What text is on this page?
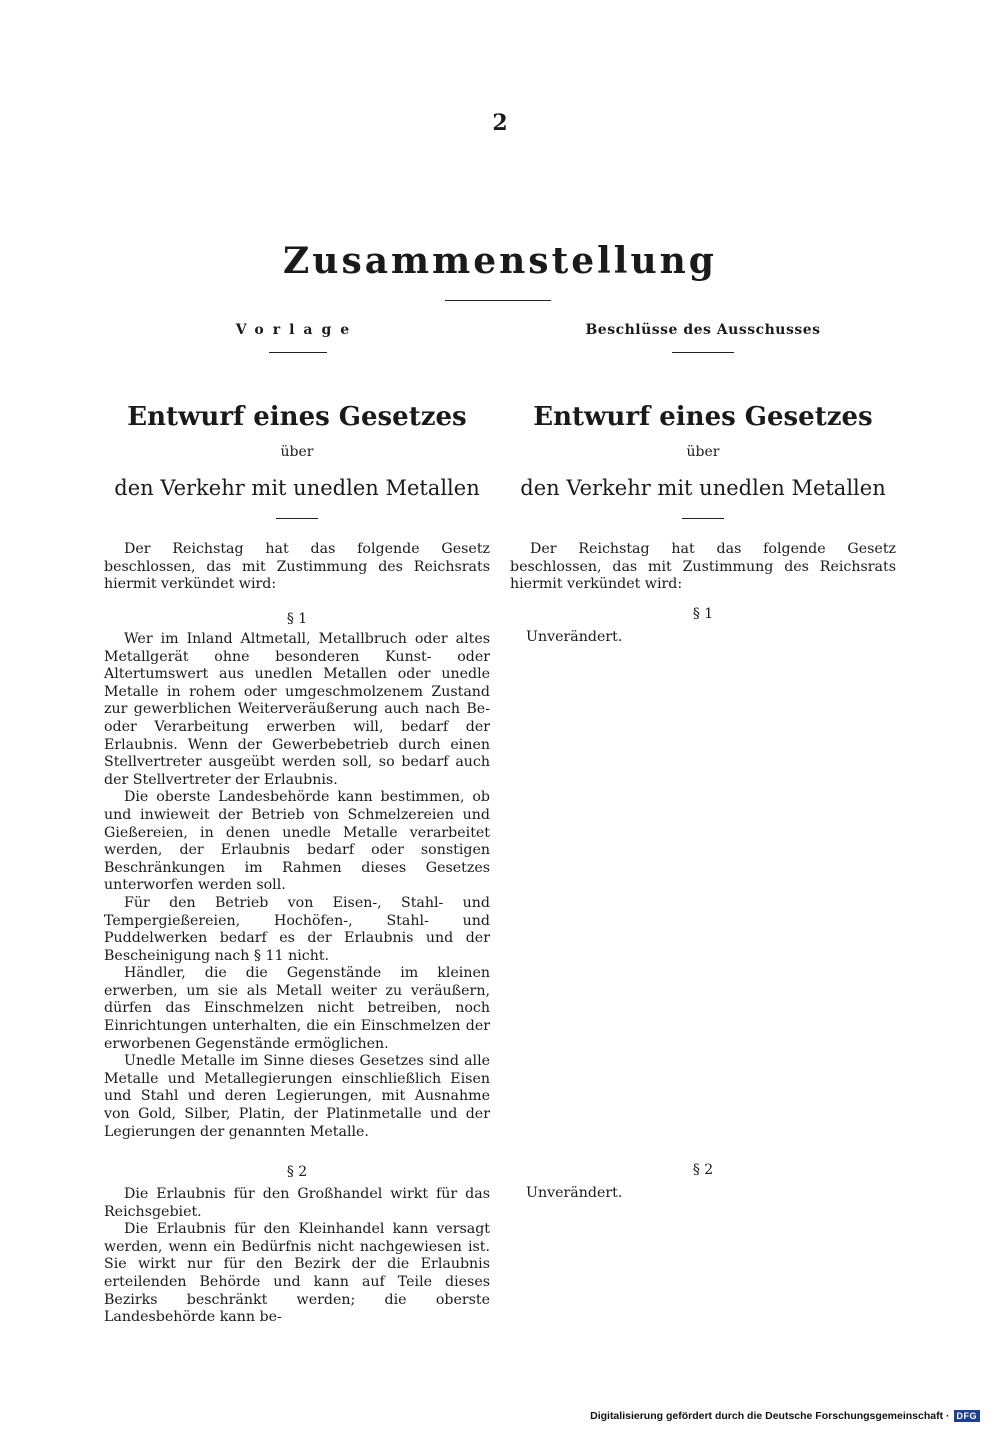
2
Zusammenstellung
Vorlage
Entwurf eines Gesetzes
über
den Verkehr mit unedlen Metallen

Der Reichstag hat das folgende Gesetz beschlossen, das mit Zustimmung des Reichsrats hiermit verkündet wird:

§ 1

Wer im Inland Altmetall, Metallbruch oder altes Metallgerät ohne besonderen Kunst- oder Altertumswert aus unedlen Metallen oder unedle Metalle in rohem oder umgeschmolzenem Zustand zur gewerblichen Weiterveräußerung auch nach Be- oder Verarbeitung erwerben will, bedarf der Erlaubnis. Wenn der Gewerbebetrieb durch einen Stellvertreter ausgeübt werden soll, so bedarf auch der Stellvertreter der Erlaubnis.

Die oberste Landesbehörde kann bestimmen, ob und inwieweit der Betrieb von Schmelzereien und Gießereien, in denen unedle Metalle verarbeitet werden, der Erlaubnis bedarf oder sonstigen Beschränkungen im Rahmen dieses Gesetzes unterworfen werden soll.

Für den Betrieb von Eisen-, Stahl- und Tempergießereien, Hochöfen-, Stahl- und Puddelwerken bedarf es der Erlaubnis und der Bescheinigung nach § 11 nicht.

Händler, die die Gegenstände im kleinen erwerben, um sie als Metall weiter zu veräußern, dürfen das Einschmelzen nicht betreiben, noch Einrichtungen unterhalten, die ein Einschmelzen der erworbenen Gegenstände ermöglichen.

Unedle Metalle im Sinne dieses Gesetzes sind alle Metalle und Metallegierungen einschließlich Eisen und Stahl und deren Legierungen, mit Ausnahme von Gold, Silber, Platin, der Platinmetalle und der Legierungen der genannten Metalle.

§ 2

Die Erlaubnis für den Großhandel wirkt für das Reichsgebiet.

Die Erlaubnis für den Kleinhandel kann versagt werden, wenn ein Bedürfnis nicht nachgewiesen ist. Sie wirkt nur für den Bezirk der die Erlaubnis erteilenden Behörde und kann auf Teile dieses Bezirks beschränkt werden; die oberste Landesbehörde kann be-

Beschlüsse des Ausschusses
Entwurf eines Gesetzes
über
den Verkehr mit unedlen Metallen

Der Reichstag hat das folgende Gesetz beschlossen, das mit Zustimmung des Reichsrats hiermit verkündet wird:

§ 1
Unverändert.
§ 2
Unverändert.
Digitalisierung gefördert durch die Deutsche Forschungsgemeinschaft · DFG
